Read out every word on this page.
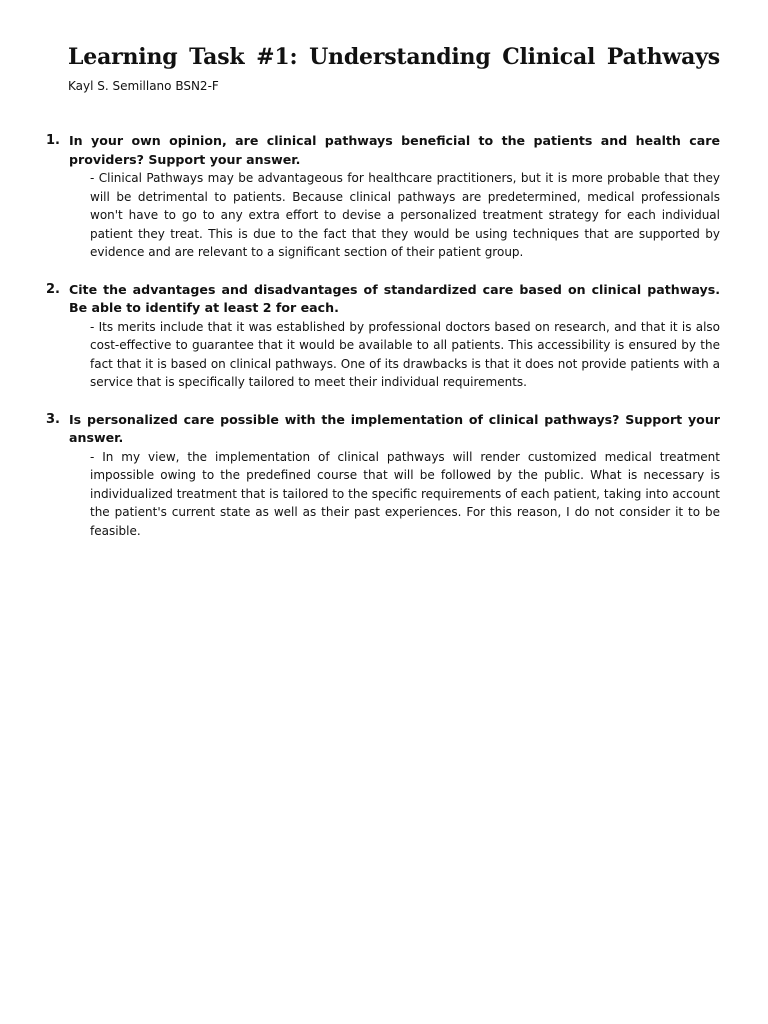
Learning Task #1: Understanding Clinical Pathways
Kayl S. Semillano BSN2-F
1. In your own opinion, are clinical pathways beneficial to the patients and health care providers? Support your answer.

- Clinical Pathways may be advantageous for healthcare practitioners, but it is more probable that they will be detrimental to patients. Because clinical pathways are predetermined, medical professionals won't have to go to any extra effort to devise a personalized treatment strategy for each individual patient they treat. This is due to the fact that they would be using techniques that are supported by evidence and are relevant to a significant section of their patient group.

2. Cite the advantages and disadvantages of standardized care based on clinical pathways. Be able to identify at least 2 for each.

- Its merits include that it was established by professional doctors based on research, and that it is also cost-effective to guarantee that it would be available to all patients. This accessibility is ensured by the fact that it is based on clinical pathways. One of its drawbacks is that it does not provide patients with a service that is specifically tailored to meet their individual requirements.

3. Is personalized care possible with the implementation of clinical pathways? Support your answer.

- In my view, the implementation of clinical pathways will render customized medical treatment impossible owing to the predefined course that will be followed by the public. What is necessary is individualized treatment that is tailored to the specific requirements of each patient, taking into account the patient's current state as well as their past experiences. For this reason, I do not consider it to be feasible.
